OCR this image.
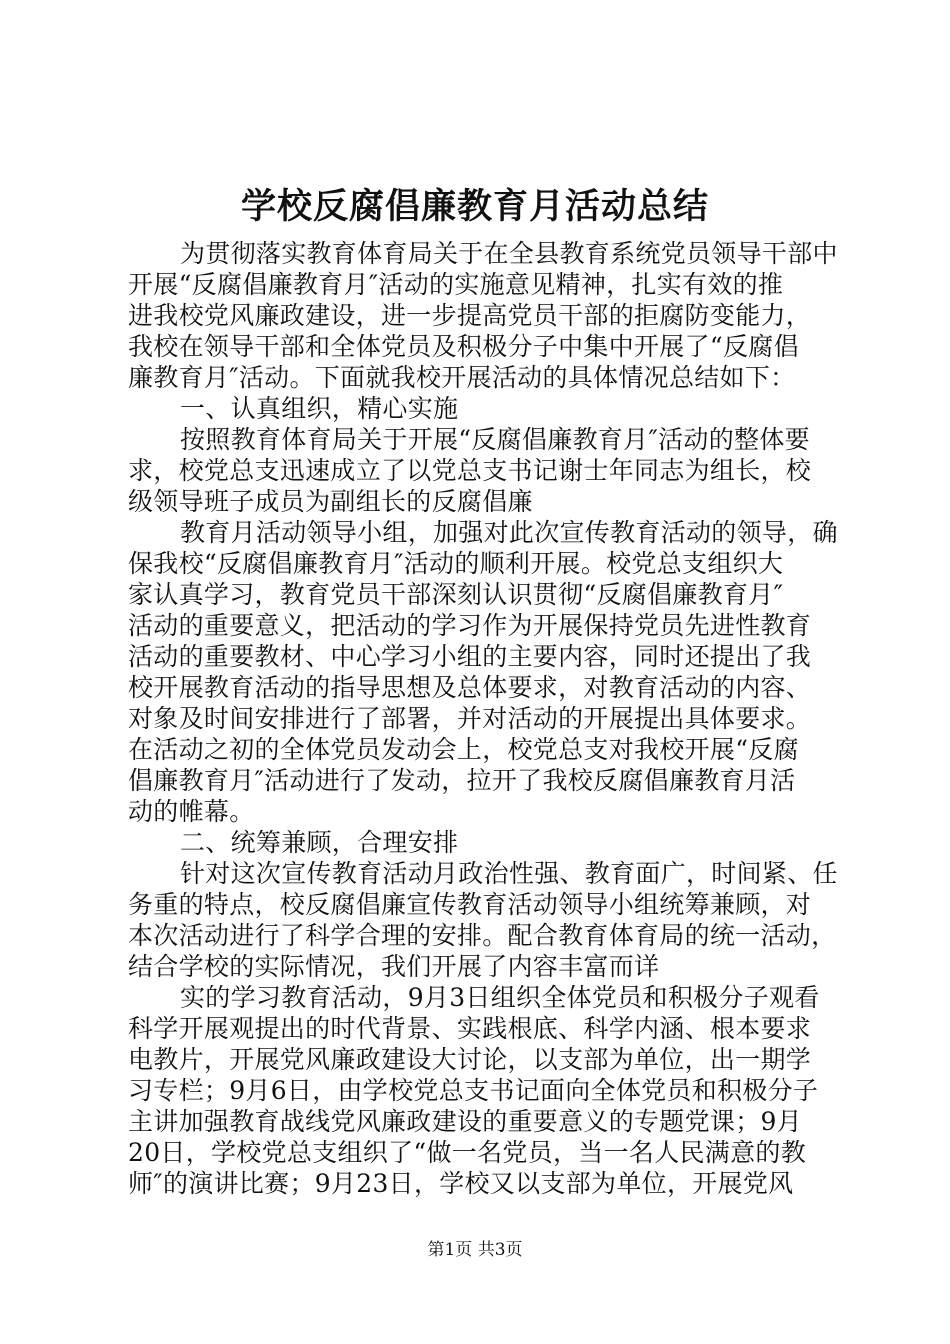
学校反腐倡廉教育月活动总结
为贯彻落实教育体育局关于在全县教育系统党员领导干部中
开展“反腐倡廉教育月″活动的实施意见精神，扎实有效的推
进我校党风廉政建设，进一步提高党员干部的拒腐防变能力，
我校在领导干部和全体党员及积极分子中集中开展了“反腐倡
廉教育月″活动。下面就我校开展活动的具体情况总结如下：
一、认真组织，精心实施
按照教育体育局关于开展“反腐倡廉教育月″活动的整体要
求，校党总支迅速成立了以党总支书记谢士年同志为组长，校
级领导班子成员为副组长的反腐倡廉
教育月活动领导小组，加强对此次宣传教育活动的领导，确
保我校“反腐倡廉教育月″活动的顺利开展。校党总支组织大
家认真学习，教育党员干部深刻认识贯彻“反腐倡廉教育月″
活动的重要意义，把活动的学习作为开展保持党员先进性教育
活动的重要教材、中心学习小组的主要内容，同时还提出了我
校开展教育活动的指导思想及总体要求，对教育活动的内容、
对象及时间安排进行了部署，并对活动的开展提出具体要求。
在活动之初的全体党员发动会上，校党总支对我校开展“反腐
倡廉教育月″活动进行了发动，拉开了我校反腐倡廉教育月活
动的帷幕。
二、统筹兼顾，合理安排
针对这次宣传教育活动月政治性强、教育面广，时间紧、任
务重的特点，校反腐倡廉宣传教育活动领导小组统筹兼顾，对
本次活动进行了科学合理的安排。配合教育体育局的统一活动，
结合学校的实际情况，我们开展了内容丰富而详
实的学习教育活动，9月3日组织全体党员和积极分子观看
科学开展观提出的时代背景、实践根底、科学内涵、根本要求
电教片，开展党风廉政建设大讨论，以支部为单位，出一期学
习专栏；9月6日，由学校党总支书记面向全体党员和积极分子
主讲加强教育战线党风廉政建设的重要意义的专题党课；9月
20日，学校党总支组织了“做一名党员，当一名人民满意的教
师″的演讲比赛；9月23日，学校又以支部为单位，开展党风
第1页 共3页
